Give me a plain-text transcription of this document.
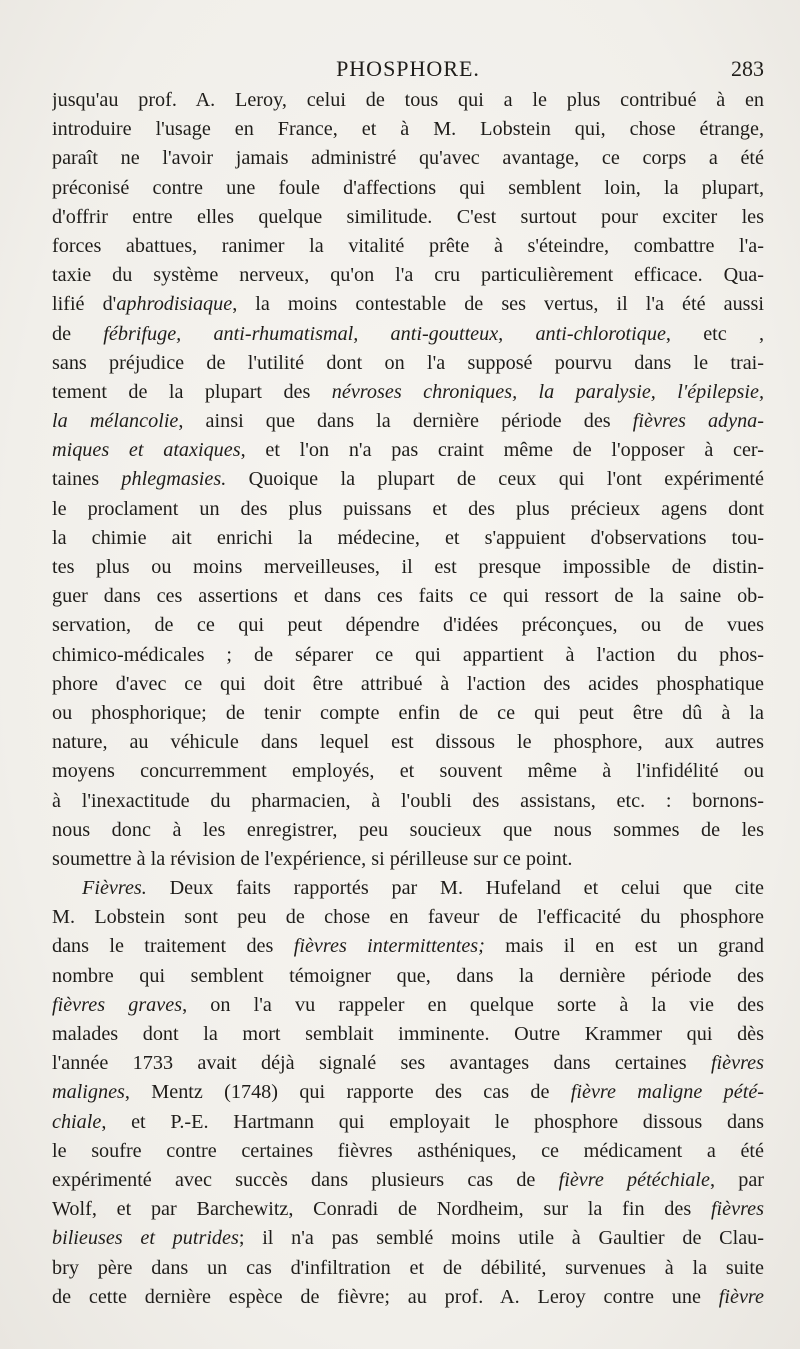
PHOSPHORE.	283
jusqu'au prof. A. Leroy, celui de tous qui a le plus contribué à en
introduire l'usage en France, et à M. Lobstein qui, chose étrange,
paraît ne l'avoir jamais administré qu'avec avantage, ce corps a été
préconisé contre une foule d'affections qui semblent loin, la plupart,
d'offrir entre elles quelque similitude. C'est surtout pour exciter les
forces abattues, ranimer la vitalité prête à s'éteindre, combattre l'a-
taxie du système nerveux, qu'on l'a cru particulièrement efficace. Qua-
lifié d'aphrodisiaque, la moins contestable de ses vertus, il l'a été aussi
de fébrifuge, anti-rhumatismal, anti-goutteux, anti-chlorotique, etc ,
sans préjudice de l'utilité dont on l'a supposé pourvu dans le trai-
tement de la plupart des névroses chroniques, la paralysie, l'épilepsie,
la mélancolie, ainsi que dans la dernière période des fièvres adyna-
miques et ataxiques, et l'on n'a pas craint même de l'opposer à cer-
taines phlegmasies. Quoique la plupart de ceux qui l'ont expérimenté
le proclament un des plus puissans et des plus précieux agens dont
la chimie ait enrichi la médecine, et s'appuient d'observations tou-
tes plus ou moins merveilleuses, il est presque impossible de distin-
guer dans ces assertions et dans ces faits ce qui ressort de la saine ob-
servation, de ce qui peut dépendre d'idées préconçues, ou de vues
chimico-médicales ; de séparer ce qui appartient à l'action du phos-
phore d'avec ce qui doit être attribué à l'action des acides phosphatique
ou phosphorique; de tenir compte enfin de ce qui peut être dû à la
nature, au véhicule dans lequel est dissous le phosphore, aux autres
moyens concurremment employés, et souvent même à l'infidélité ou
à l'inexactitude du pharmacien, à l'oubli des assistans, etc. : bornons-
nous donc à les enregistrer, peu soucieux que nous sommes de les
soumettre à la révision de l'expérience, si périlleuse sur ce point.
Fièvres. Deux faits rapportés par M. Hufeland et celui que cite
M. Lobstein sont peu de chose en faveur de l'efficacité du phosphore
dans le traitement des fièvres intermittentes; mais il en est un grand
nombre qui semblent témoigner que, dans la dernière période des
fièvres graves, on l'a vu rappeler en quelque sorte à la vie des
malades dont la mort semblait imminente. Outre Krammer qui dès
l'année 1733 avait déjà signalé ses avantages dans certaines fièvres
malignes, Mentz (1748) qui rapporte des cas de fièvre maligne pété-
chiale, et P.-E. Hartmann qui employait le phosphore dissous dans
le soufre contre certaines fièvres asthéniques, ce médicament a été
expérimenté avec succès dans plusieurs cas de fièvre pétéchiale, par
Wolf, et par Barchewitz, Conradi de Nordheim, sur la fin des fièvres
bilieuses et putrides; il n'a pas semblé moins utile à Gaultier de Clau-
bry père dans un cas d'infiltration et de débilité, survenues à la suite
de cette dernière espèce de fièvre; au prof. A. Leroy contre une fièvre
